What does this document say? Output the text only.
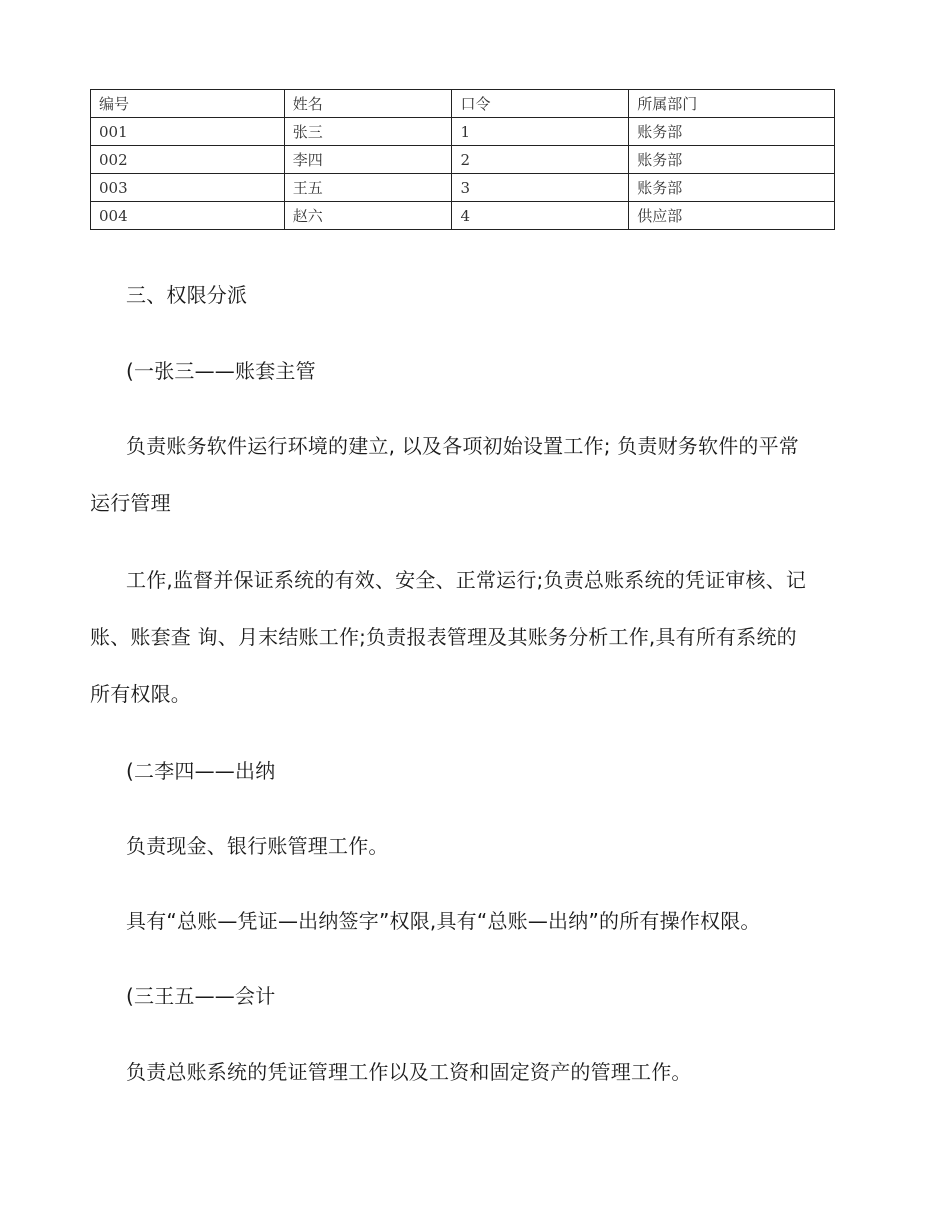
编号	姓名	口令	所属部门
001	张三	1	账务部
002	李四	2	账务部
003	王五	3	账务部
004	赵六	4	供应部
三、权限分派
(一张三——账套主管
负责账务软件运行环境的建立, 以及各项初始设置工作; 负责财务软件的平常
运行管理
工作,监督并保证系统的有效、安全、正常运行;负责总账系统的凭证审核、记
账、账套查 询、月末结账工作;负责报表管理及其账务分析工作,具有所有系统的
所有权限。
(二李四——出纳
负责现金、银行账管理工作。
具有“总账—凭证—出纳签字”权限,具有“总账—出纳”的所有操作权限。
(三王五——会计
负责总账系统的凭证管理工作以及工资和固定资产的管理工作。
